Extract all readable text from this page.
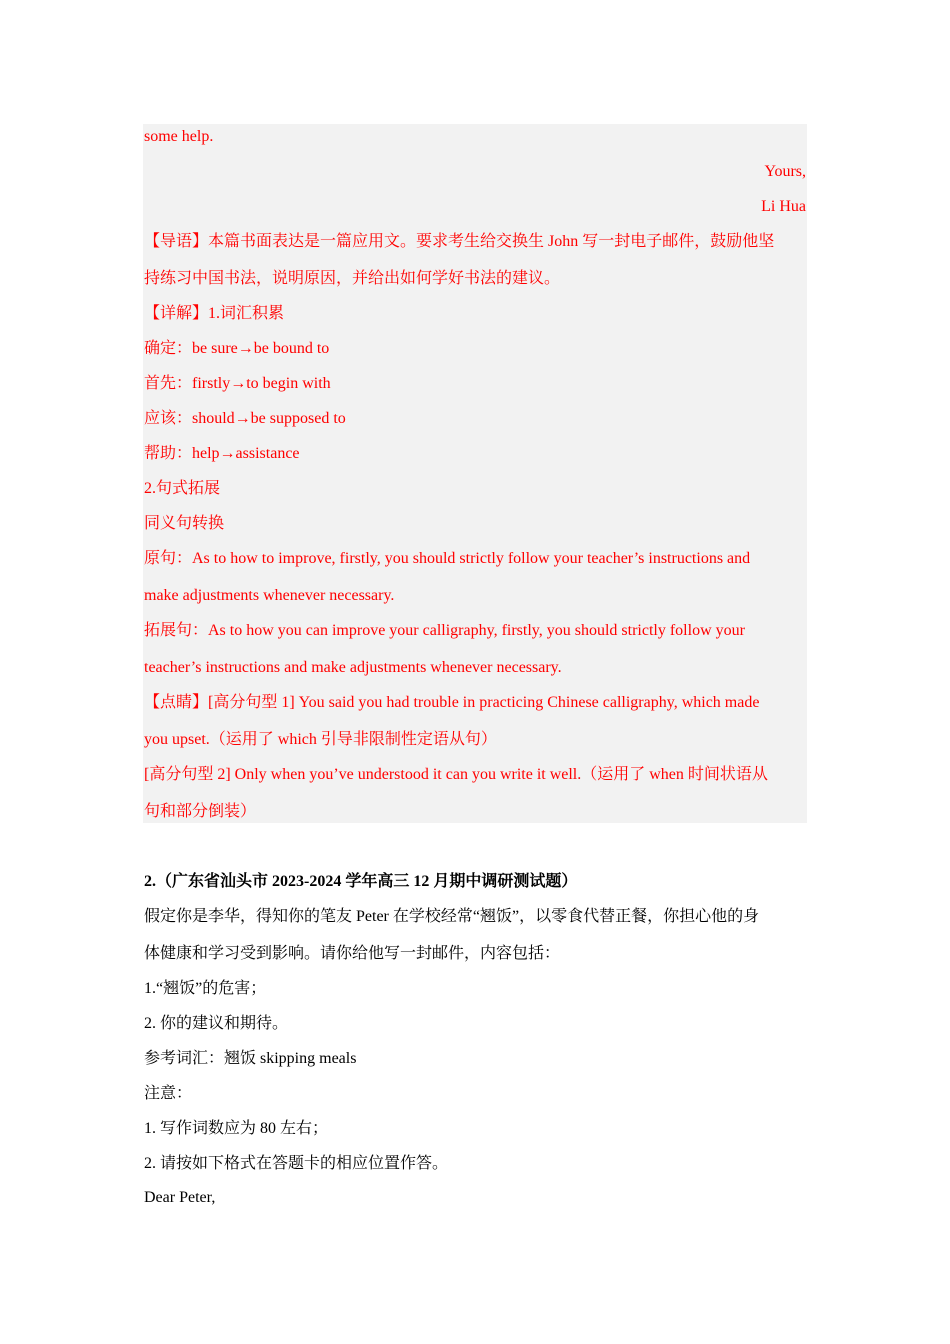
some help.
Yours,
Li Hua
【导语】本篇书面表达是一篇应用文。要求考生给交换生 John 写一封电子邮件，鼓励他坚
持练习中国书法，说明原因，并给出如何学好书法的建议。
【详解】1.词汇积累
确定：be sure→be bound to
首先：firstly→to begin with
应该：should→be supposed to
帮助：help→assistance
2.句式拓展
同义句转换
原句：As to how to improve, firstly, you should strictly follow your teacher’s instructions and
make adjustments whenever necessary.
拓展句：As to how you can improve your calligraphy, firstly, you should strictly follow your
teacher’s instructions and make adjustments whenever necessary.
【点睛】[高分句型 1] You said you had trouble in practicing Chinese calligraphy, which made
you upset.（运用了 which 引导非限制性定语从句）
[高分句型 2] Only when you’ve understood it can you write it well.（运用了 when 时间状语从
句和部分倒装）
2.（广东省汕头市 2023-2024 学年高三 12 月期中调研测试题）
假定你是李华，得知你的笔友 Peter 在学校经常“翘饭”，以零食代替正餐，你担心他的身
体健康和学习受到影响。请你给他写一封邮件，内容包括：
1.“翘饭”的危害；
2. 你的建议和期待。
参考词汇：翘饭 skipping meals
注意：
1. 写作词数应为 80 左右；
2. 请按如下格式在答题卡的相应位置作答。
Dear Peter,
